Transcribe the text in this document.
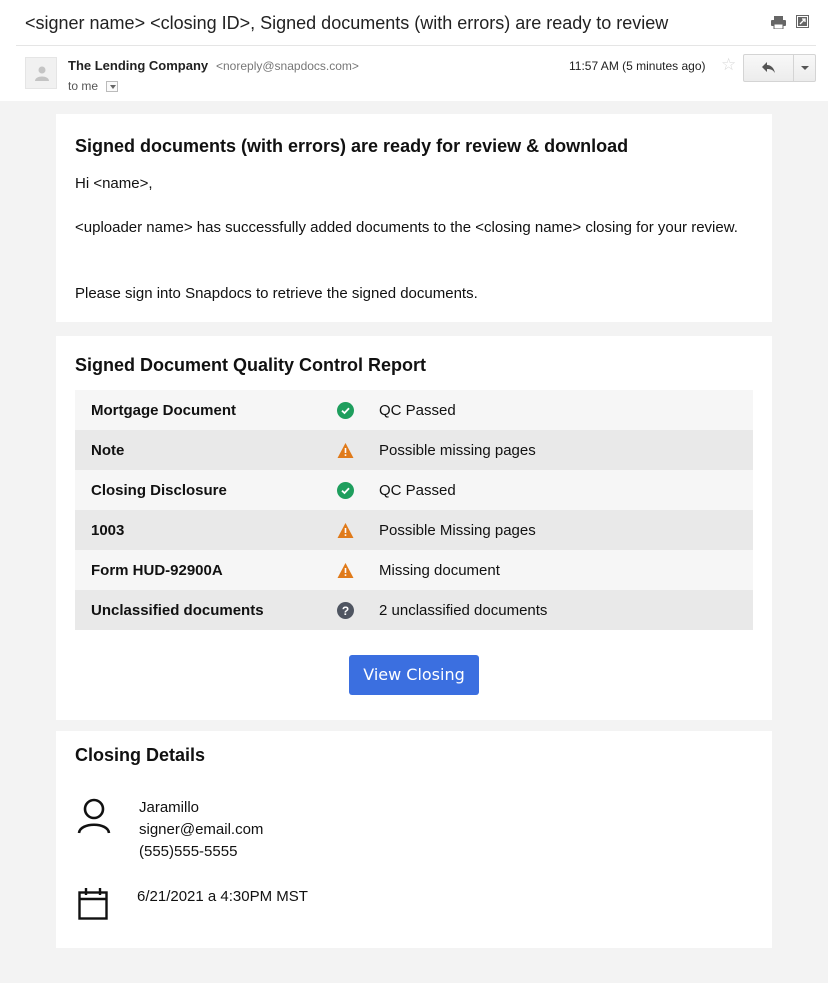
<signer name> <closing ID>, Signed documents (with errors) are ready to review
The Lending Company <noreply@snapdocs.com>
to me
11:57 AM (5 minutes ago) ☆
Signed documents (with errors) are ready for review & download
Hi <name>,
<uploader name> has successfully added documents to the <closing name> closing for your review.
Please sign into Snapdocs to retrieve the signed documents.
Signed Document Quality Control Report
Mortgage Document	QC Passed
Note	Possible missing pages
Closing Disclosure	QC Passed
1003	Possible Missing pages
Form HUD-92900A	Missing document
Unclassified documents	? 2 unclassified documents
View Closing
Closing Details
Jaramillo
signer@email.com
(555)555-5555
6/21/2021 a 4:30PM MST
